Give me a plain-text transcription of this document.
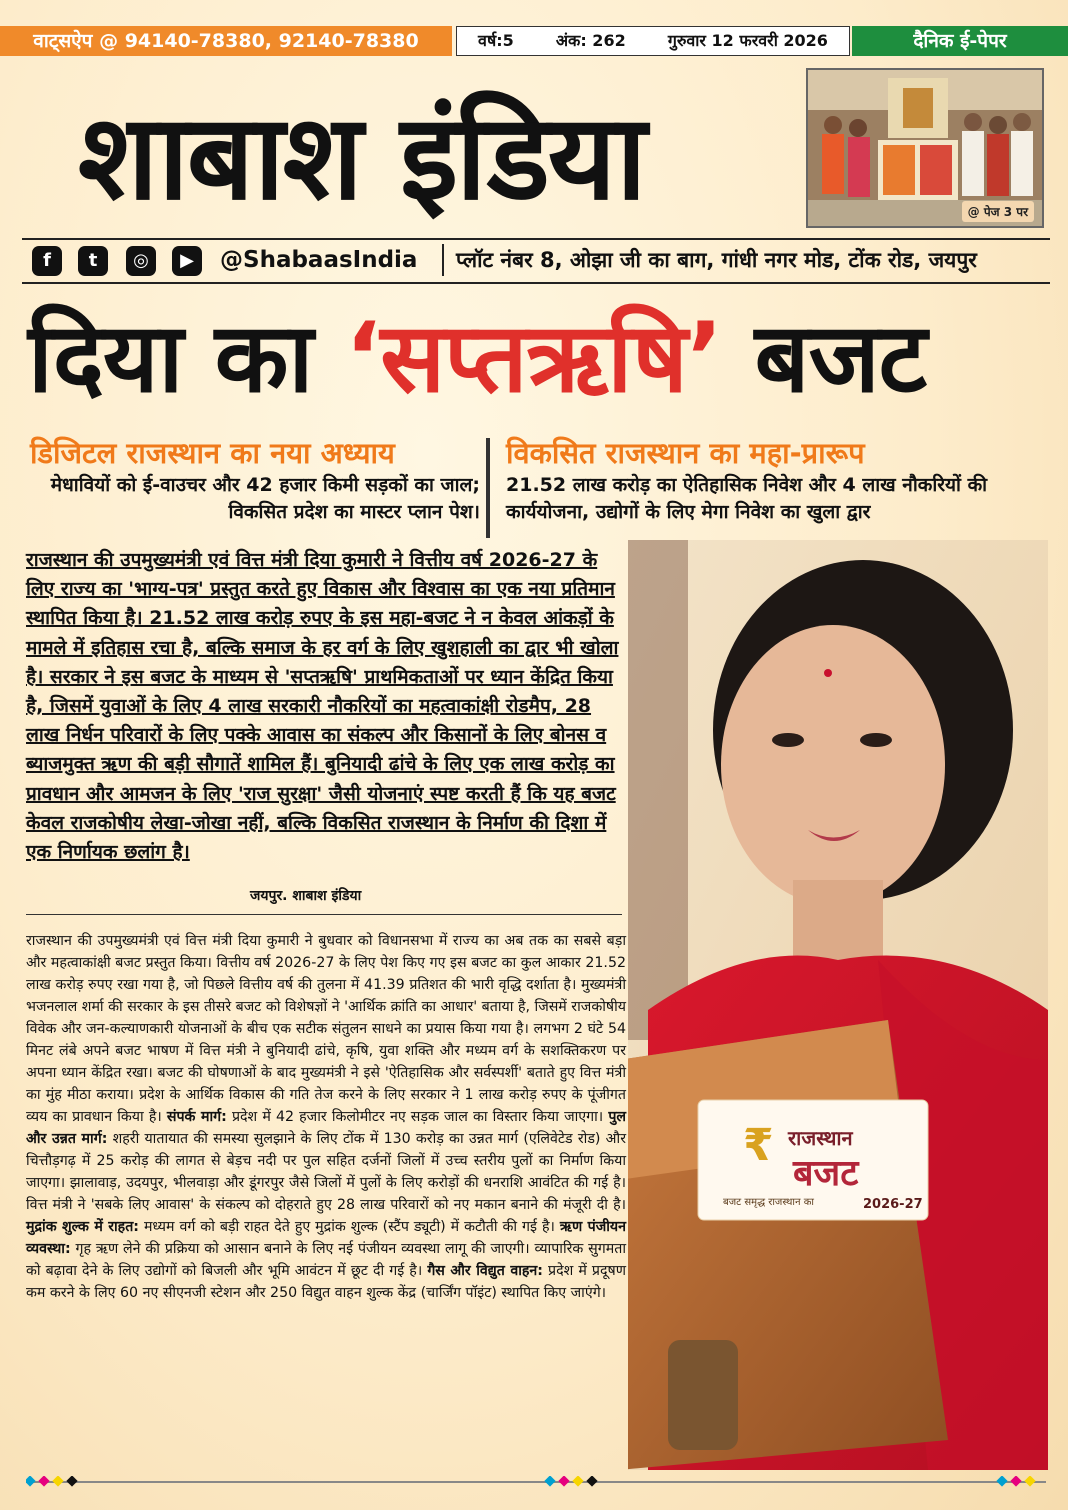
वाट्सऐप @ 94140-78380, 92140-78380	वर्ष:5	अंक: 262	गुरुवार 12 फरवरी 2026	दैनिक ई-पेपर
शाबाश इंडिया	@ पेज 3 पर
f	t	◎	▶	@ShabaasIndia	प्लॉट नंबर 8, ओझा जी का बाग, गांधी नगर मोड, टोंक रोड, जयपुर
दिया का ‘सप्तऋषि’ बजट
डिजिटल राजस्थान का नया अध्याय
मेधावियों को ई-वाउचर और 42 हजार किमी सड़कों का जाल; विकसित प्रदेश का मास्टर प्लान पेश।
विकसित राजस्थान का महा-प्रारूप
21.52 लाख करोड़ का ऐतिहासिक निवेश और 4 लाख नौकरियों की कार्ययोजना, उद्योगों के लिए मेगा निवेश का खुला द्वार
राजस्थान की उपमुख्यमंत्री एवं वित्त मंत्री दिया कुमारी ने वित्तीय वर्ष 2026-27 के लिए राज्य का 'भाग्य-पत्र' प्रस्तुत करते हुए विकास और विश्वास का एक नया प्रतिमान स्थापित किया है। 21.52 लाख करोड़ रुपए के इस महा-बजट ने न केवल आंकड़ों के मामले में इतिहास रचा है, बल्कि समाज के हर वर्ग के लिए खुशहाली का द्वार भी खोला है। सरकार ने इस बजट के माध्यम से 'सप्तऋषि' प्राथमिकताओं पर ध्यान केंद्रित किया है, जिसमें युवाओं के लिए 4 लाख सरकारी नौकरियों का महत्वाकांक्षी रोडमैप, 28 लाख निर्धन परिवारों के लिए पक्के आवास का संकल्प और किसानों के लिए बोनस व ब्याजमुक्त ऋण की बड़ी सौगातें शामिल हैं। बुनियादी ढांचे के लिए एक लाख करोड़ का प्रावधान और आमजन के लिए 'राज सुरक्षा' जैसी योजनाएं स्पष्ट करती हैं कि यह बजट केवल राजकोषीय लेखा-जोखा नहीं, बल्कि विकसित राजस्थान के निर्माण की दिशा में एक निर्णायक छलांग है।
जयपुर. शाबाश इंडिया
राजस्थान की उपमुख्यमंत्री एवं वित्त मंत्री दिया कुमारी ने बुधवार को विधानसभा में राज्य का अब तक का सबसे बड़ा और महत्वाकांक्षी बजट प्रस्तुत किया। वित्तीय वर्ष 2026-27 के लिए पेश किए गए इस बजट का कुल आकार 21.52 लाख करोड़ रुपए रखा गया है, जो पिछले वित्तीय वर्ष की तुलना में 41.39 प्रतिशत की भारी वृद्धि दर्शाता है। मुख्यमंत्री भजनलाल शर्मा की सरकार के इस तीसरे बजट को विशेषज्ञों ने 'आर्थिक क्रांति का आधार' बताया है, जिसमें राजकोषीय विवेक और जन-कल्याणकारी योजनाओं के बीच एक सटीक संतुलन साधने का प्रयास किया गया है। लगभग 2 घंटे 54 मिनट लंबे अपने बजट भाषण में वित्त मंत्री ने बुनियादी ढांचे, कृषि, युवा शक्ति और मध्यम वर्ग के सशक्तिकरण पर अपना ध्यान केंद्रित रखा। बजट की घोषणाओं के बाद मुख्यमंत्री ने इसे 'ऐतिहासिक और सर्वस्पर्शी' बताते हुए वित्त मंत्री का मुंह मीठा कराया। प्रदेश के आर्थिक विकास की गति तेज करने के लिए सरकार ने 1 लाख करोड़ रुपए के पूंजीगत व्यय का प्रावधान किया है। संपर्क मार्ग: प्रदेश में 42 हजार किलोमीटर नए सड़क जाल का विस्तार किया जाएगा। पुल और उन्नत मार्ग: शहरी यातायात की समस्या सुलझाने के लिए टोंक में 130 करोड़ का उन्नत मार्ग (एलिवेटेड रोड) और चित्तौड़गढ़ में 25 करोड़ की लागत से बेड़च नदी पर पुल सहित दर्जनों जिलों में उच्च स्तरीय पुलों का निर्माण किया जाएगा। झालावाड़, उदयपुर, भीलवाड़ा और डूंगरपुर जैसे जिलों में पुलों के लिए करोड़ों की धनराशि आवंटित की गई है। वित्त मंत्री ने 'सबके लिए आवास' के संकल्प को दोहराते हुए 28 लाख परिवारों को नए मकान बनाने की मंजूरी दी है। मुद्रांक शुल्क में राहत: मध्यम वर्ग को बड़ी राहत देते हुए मुद्रांक शुल्क (स्टैंप ड्यूटी) में कटौती की गई है। ऋण पंजीयन व्यवस्था: गृह ऋण लेने की प्रक्रिया को आसान बनाने के लिए नई पंजीयन व्यवस्था लागू की जाएगी। व्यापारिक सुगमता को बढ़ावा देने के लिए उद्योगों को बिजली और भूमि आवंटन में छूट दी गई है। गैस और विद्युत वाहन: प्रदेश में प्रदूषण कम करने के लिए 60 नए सीएनजी स्टेशन और 250 विद्युत वाहन शुल्क केंद्र (चार्जिंग पॉइंट) स्थापित किए जाएंगे।
₹ राजस्थान
बजट
बजट समृद्ध राजस्थान का	2026-27
